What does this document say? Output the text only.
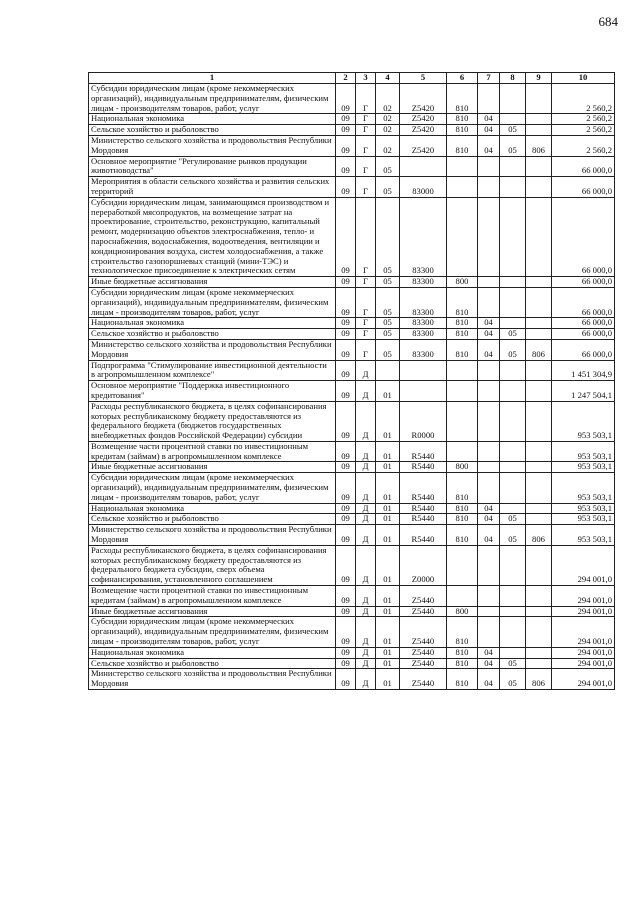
684
1	2	3	4	5	6	7	8	9	10
Субсидии юридическим лицам (кроме некоммерческих организаций), индивидуальным предпринимателям, физическим лицам - производителям товаров, работ, услуг	09	Г	02	Z5420	810				2 560,2
Национальная экономика	09	Г	02	Z5420	810	04			2 560,2
Сельское хозяйство и рыболовство	09	Г	02	Z5420	810	04	05		2 560,2
Министерство сельского хозяйства и продовольствия Республики Мордовия	09	Г	02	Z5420	810	04	05	806	2 560,2
Основное мероприятие "Регулирование рынков продукции животноводства"	09	Г	05						66 000,0
Мероприятия в области сельского хозяйства и развития сельских территорий	09	Г	05	83000					66 000,0
Субсидии юридическим лицам, занимающимся производством и переработкой мясопродуктов, на возмещение затрат на проектирование, строительство, реконструкцию, капитальный ремонт, модернизацию объектов электроснабжения, тепло- и пароснабжения, водоснабжения, водоотведения, вентиляции и кондиционирования воздуха, систем холодоснабжения, а также строительство газопоршневых станций (мини-ТЭС) и технологическое присоединение к электрических сетям	09	Г	05	83300					66 000,0
Иные бюджетные ассигнования	09	Г	05	83300	800				66 000,0
Субсидии юридическим лицам (кроме некоммерческих организаций), индивидуальным предпринимателям, физическим лицам - производителям товаров, работ, услуг	09	Г	05	83300	810				66 000,0
Национальная экономика	09	Г	05	83300	810	04			66 000,0
Сельское хозяйство и рыболовство	09	Г	05	83300	810	04	05		66 000,0
Министерство сельского хозяйства и продовольствия Республики Мордовия	09	Г	05	83300	810	04	05	806	66 000,0
Подпрограмма "Стимулирование инвестиционной деятельности в агропромышленном комплексе"	09	Д							1 451 304,9
Основное мероприятие "Поддержка инвестиционного кредитования"	09	Д	01						1 247 504,1
Расходы республиканского бюджета, в целях софинансирования которых республиканскому бюджету предоставляются из федерального бюджета (бюджетов государственных внебюджетных фондов Российской Федерации) субсидии	09	Д	01	R0000					953 503,1
Возмещение части процентной ставки по инвестиционным кредитам (займам) в агропромышленном комплексе	09	Д	01	R5440					953 503,1
Иные бюджетные ассигнования	09	Д	01	R5440	800				953 503,1
Субсидии юридическим лицам (кроме некоммерческих организаций), индивидуальным предпринимателям, физическим лицам - производителям товаров, работ, услуг	09	Д	01	R5440	810				953 503,1
Национальная экономика	09	Д	01	R5440	810	04			953 503,1
Сельское хозяйство и рыболовство	09	Д	01	R5440	810	04	05		953 503,1
Министерство сельского хозяйства и продовольствия Республики Мордовия	09	Д	01	R5440	810	04	05	806	953 503,1
Расходы республиканского бюджета, в целях софинансирования которых республиканскому бюджету предоставляются из федерального бюджета субсидии, сверх объема софинансирования, установленного соглашением	09	Д	01	Z0000					294 001,0
Возмещение части процентной ставки по инвестиционным кредитам (займам) в агропромышленном комплексе	09	Д	01	Z5440					294 001,0
Иные бюджетные ассигнования	09	Д	01	Z5440	800				294 001,0
Субсидии юридическим лицам (кроме некоммерческих организаций), индивидуальным предпринимателям, физическим лицам - производителям товаров, работ, услуг	09	Д	01	Z5440	810				294 001,0
Национальная экономика	09	Д	01	Z5440	810	04			294 001,0
Сельское хозяйство и рыболовство	09	Д	01	Z5440	810	04	05		294 001,0
Министерство сельского хозяйства и продовольствия Республики Мордовия	09	Д	01	Z5440	810	04	05	806	294 001,0
